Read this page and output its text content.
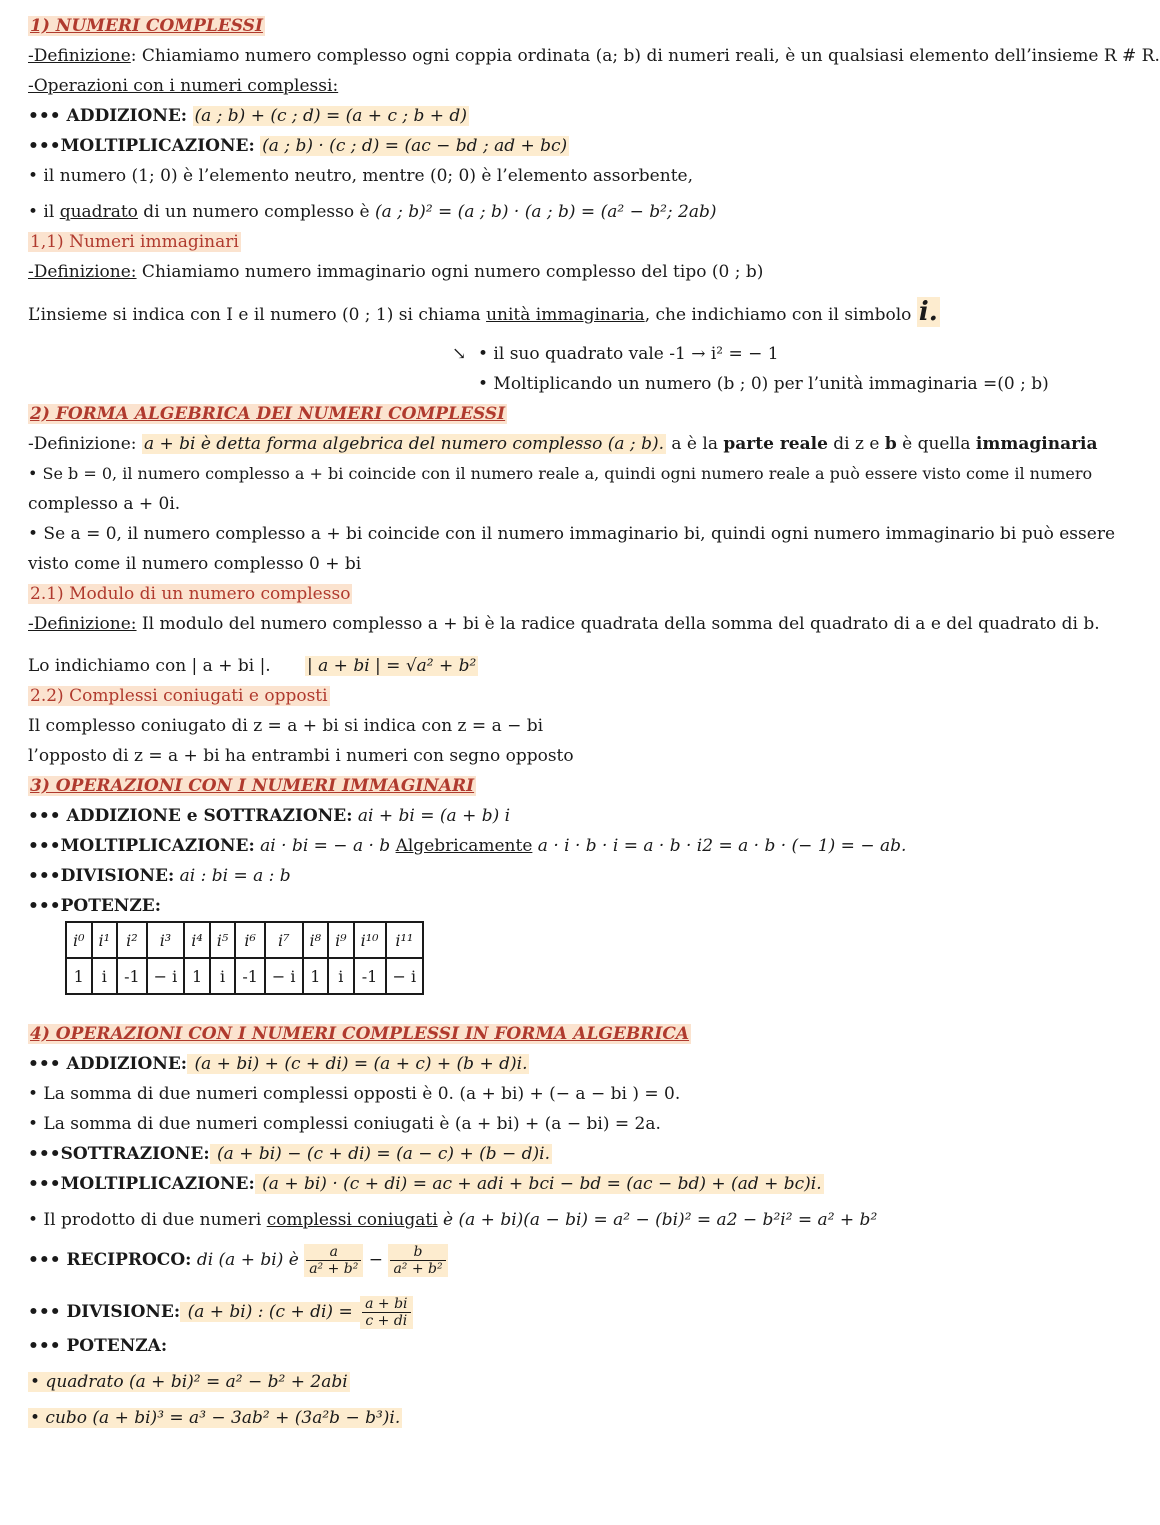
1) NUMERI COMPLESSI
-Definizione: Chiamiamo numero complesso ogni coppia ordinata (a; b) di numeri reali, è un qualsiasi elemento dell’insieme R # R.
-Operazioni con i numeri complessi:
••• ADDIZIONE: (a ; b) + (c ; d) = (a + c ; b + d)
•••MOLTIPLICAZIONE: (a ; b) · (c ; d) = (ac − bd ; ad + bc)
• il numero (1; 0) è l’elemento neutro, mentre (0; 0) è l’elemento assorbente,
• il quadrato di un numero complesso è (a ; b)² = (a ; b) · (a ; b) = (a² − b²; 2ab)
1,1) Numeri immaginari
-Definizione: Chiamiamo numero immaginario ogni numero complesso del tipo (0 ; b)
L’insieme si indica con I e il numero (0 ; 1) si chiama unità immaginaria, che indichiamo con il simbolo i.
↘ • il suo quadrato vale -1 → i² = − 1
• Moltiplicando un numero (b ; 0) per l’unità immaginaria =(0 ; b)
2) FORMA ALGEBRICA DEI NUMERI COMPLESSI
-Definizione: a + bi è detta forma algebrica del numero complesso (a ; b). a è la parte reale di z e b è quella immaginaria
• Se b = 0, il numero complesso a + bi coincide con il numero reale a, quindi ogni numero reale a può essere visto come il numero
complesso a + 0i.
• Se a = 0, il numero complesso a + bi coincide con il numero immaginario bi, quindi ogni numero immaginario bi può essere
visto come il numero complesso 0 + bi
2.1) Modulo di un numero complesso
-Definizione: Il modulo del numero complesso a + bi è la radice quadrata della somma del quadrato di a e del quadrato di b.
Lo indichiamo con | a + bi |. | a + bi | = √a² + b²
2.2) Complessi coniugati e opposti
Il complesso coniugato di z = a + bi si indica con z = a − bi
l’opposto di z = a + bi ha entrambi i numeri con segno opposto
3) OPERAZIONI CON I NUMERI IMMAGINARI
••• ADDIZIONE e SOTTRAZIONE: ai + bi = (a + b) i
•••MOLTIPLICAZIONE: ai · bi = − a · b Algebricamente a · i · b · i = a · b · i2 = a · b · (− 1) = − ab.
•••DIVISIONE: ai : bi = a : b
•••POTENZE:
i⁰	i¹	i²	i³	i⁴	i⁵	i⁶	i⁷	i⁸	i⁹	i¹⁰	i¹¹
1	i	-1	− i	1	i	-1	− i	1	i	-1	− i
4) OPERAZIONI CON I NUMERI COMPLESSI IN FORMA ALGEBRICA
••• ADDIZIONE: (a + bi) + (c + di) = (a + c) + (b + d)i.
• La somma di due numeri complessi opposti è 0. (a + bi) + (− a − bi ) = 0.
• La somma di due numeri complessi coniugati è (a + bi) + (a − bi) = 2a.
•••SOTTRAZIONE: (a + bi) − (c + di) = (a − c) + (b − d)i.
•••MOLTIPLICAZIONE: (a + bi) · (c + di) = ac + adi + bci − bd = (ac − bd) + (ad + bc)i.
• Il prodotto di due numeri complessi coniugati è (a + bi)(a − bi) = a² − (bi)² = a2 − b²i² = a² + b²
••• RECIPROCO: di (a + bi) è $\frac{a}{\text{a² + b²}} - \frac{b}{\text{a² + b²}}$
••• DIVISIONE: (a + bi) : $(c + di) = \frac{a + bi}{c + di}$
••• POTENZA:
• quadrato (a + bi)² = a² − b² + 2abi
• cubo (a + bi)³ = a³ − 3ab² + (3a²b − b³)i.
